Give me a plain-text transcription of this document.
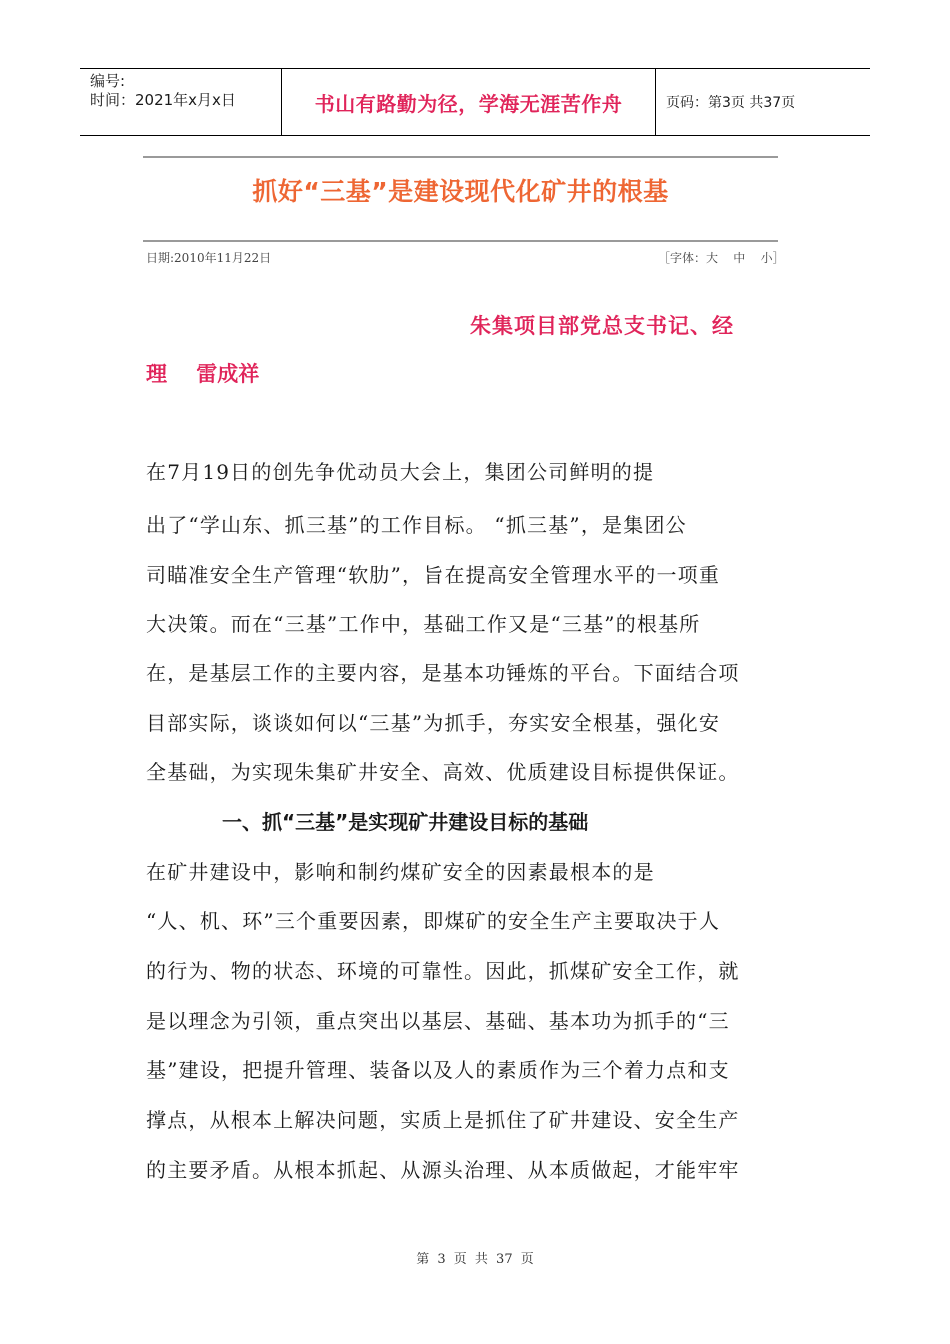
编号:
时间：2021年x月x日	书山有路勤为径，学海无涯苦作舟	页码：第3页 共37页
抓好“三基”是建设现代化矿井的根基
日期:2010年11月22日	［字体：大 中 小］
朱集项目部党总支书记、经
理    雷成祥
在7月19日的创先争优动员大会上，集团公司鲜明的提
出了“学山东、抓三基”的工作目标。 “抓三基”，是集团公
司瞄准安全生产管理“软肋”，旨在提高安全管理水平的一项重
大决策。而在“三基”工作中，基础工作又是“三基”的根基所
在，是基层工作的主要内容，是基本功锤炼的平台。下面结合项
目部实际，谈谈如何以“三基”为抓手，夯实安全根基，强化安
全基础，为实现朱集矿井安全、高效、优质建设目标提供保证。
一、抓“三基”是实现矿井建设目标的基础
在矿井建设中，影响和制约煤矿安全的因素最根本的是
“人、机、环”三个重要因素，即煤矿的安全生产主要取决于人
的行为、物的状态、环境的可靠性。因此，抓煤矿安全工作，就
是以理念为引领，重点突出以基层、基础、基本功为抓手的“三
基”建设，把提升管理、装备以及人的素质作为三个着力点和支
撑点，从根本上解决问题，实质上是抓住了矿井建设、安全生产
的主要矛盾。从根本抓起、从源头治理、从本质做起，才能牢牢
第 3 页 共 37 页
